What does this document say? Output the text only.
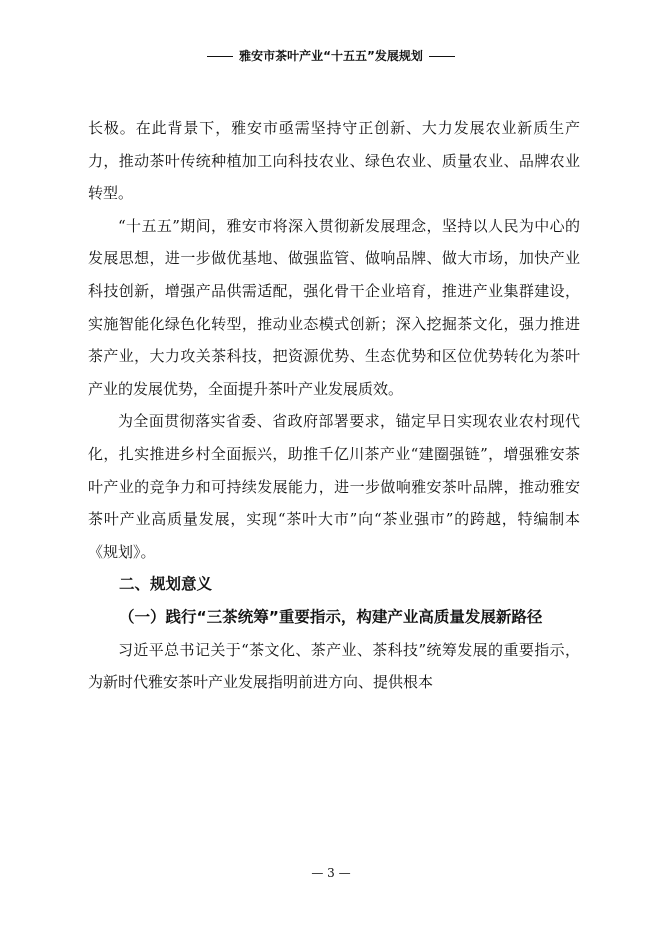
雅安市茶叶产业“十五五”发展规划

长极。在此背景下，雅安市亟需坚持守正创新、大力发展农业新质生产力，推动茶叶传统种植加工向科技农业、绿色农业、质量农业、品牌农业转型。

“十五五”期间，雅安市将深入贯彻新发展理念，坚持以人民为中心的发展思想，进一步做优基地、做强监管、做响品牌、做大市场，加快产业科技创新，增强产品供需适配，强化骨干企业培育，推进产业集群建设，实施智能化绿色化转型，推动业态模式创新；深入挖掘茶文化，强力推进茶产业，大力攻关茶科技，把资源优势、生态优势和区位优势转化为茶叶产业的发展优势，全面提升茶叶产业发展质效。

为全面贯彻落实省委、省政府部署要求，锚定早日实现农业农村现代化，扎实推进乡村全面振兴，助推千亿川茶产业“建圈强链”，增强雅安茶叶产业的竞争力和可持续发展能力，进一步做响雅安茶叶品牌，推动雅安茶叶产业高质量发展，实现“茶叶大市”向“茶业强市”的跨越，特编制本《规划》。

二、规划意义

（一）践行“三茶统筹”重要指示，构建产业高质量发展新路径

习近平总书记关于“茶文化、茶产业、茶科技”统筹发展的重要指示，为新时代雅安茶叶产业发展指明前进方向、提供根本

— 3 —
